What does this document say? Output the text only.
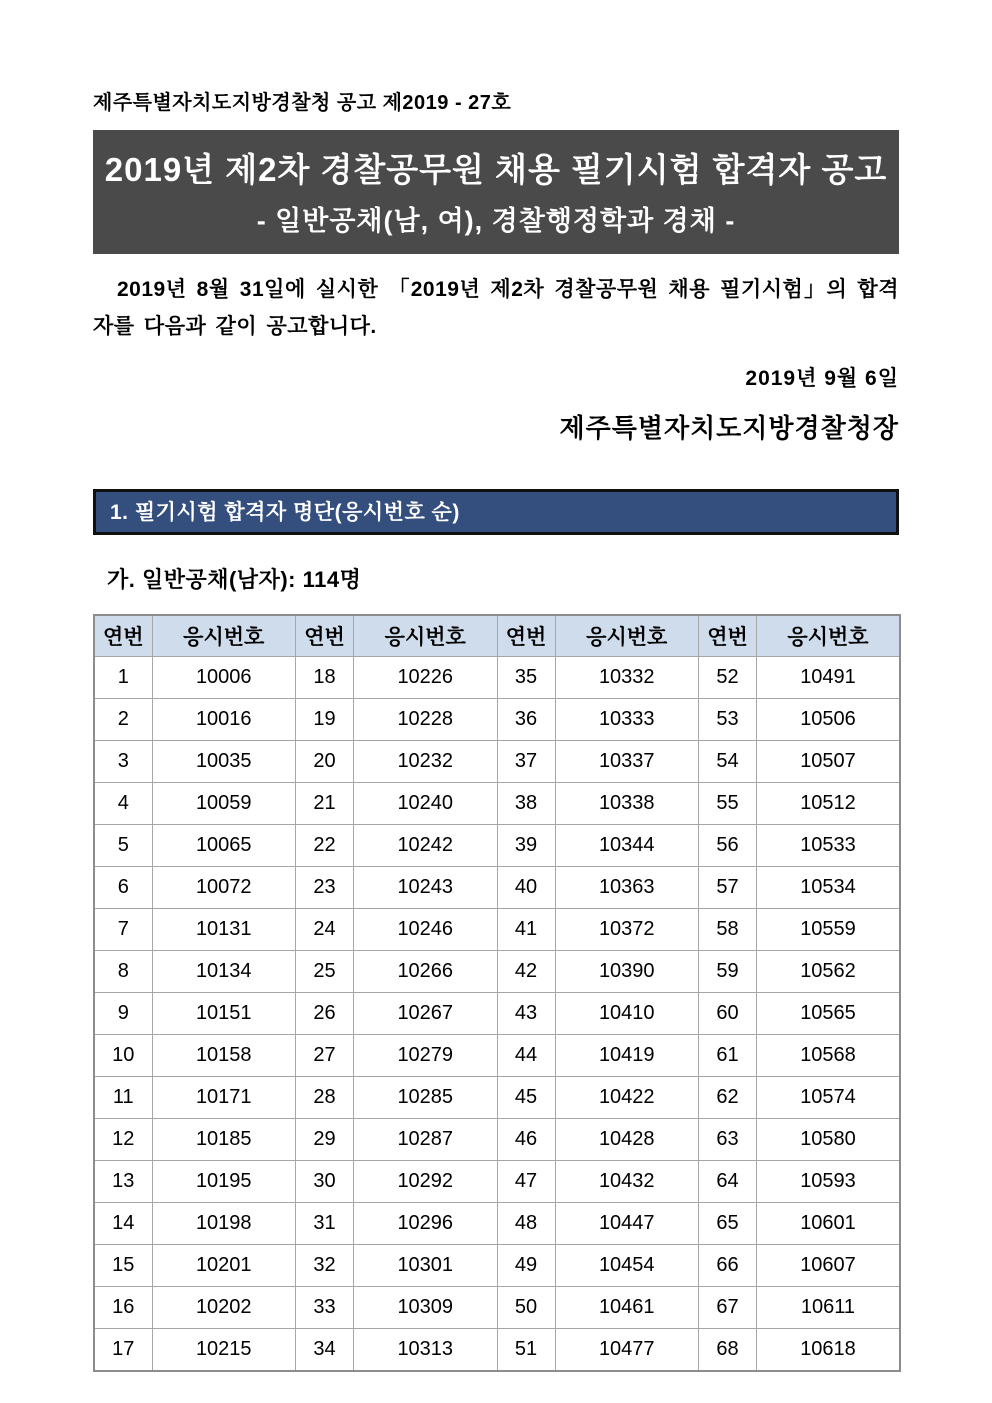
제주특별자치도지방경찰청 공고 제2019 - 27호
2019년 제2차 경찰공무원 채용 필기시험 합격자 공고
- 일반공채(남, 여), 경찰행정학과 경채 -

2019년 8월 31일에 실시한 「2019년 제2차 경찰공무원 채용 필기시험」의 합격자를 다음과 같이 공고합니다.

2019년 9월 6일
제주특별자치도지방경찰청장
1. 필기시험 합격자 명단(응시번호 순)
가. 일반공채(남자): 114명
연번	응시번호	연번	응시번호	연번	응시번호	연번	응시번호
1	10006	18	10226	35	10332	52	10491
2	10016	19	10228	36	10333	53	10506
3	10035	20	10232	37	10337	54	10507
4	10059	21	10240	38	10338	55	10512
5	10065	22	10242	39	10344	56	10533
6	10072	23	10243	40	10363	57	10534
7	10131	24	10246	41	10372	58	10559
8	10134	25	10266	42	10390	59	10562
9	10151	26	10267	43	10410	60	10565
10	10158	27	10279	44	10419	61	10568
11	10171	28	10285	45	10422	62	10574
12	10185	29	10287	46	10428	63	10580
13	10195	30	10292	47	10432	64	10593
14	10198	31	10296	48	10447	65	10601
15	10201	32	10301	49	10454	66	10607
16	10202	33	10309	50	10461	67	10611
17	10215	34	10313	51	10477	68	10618
